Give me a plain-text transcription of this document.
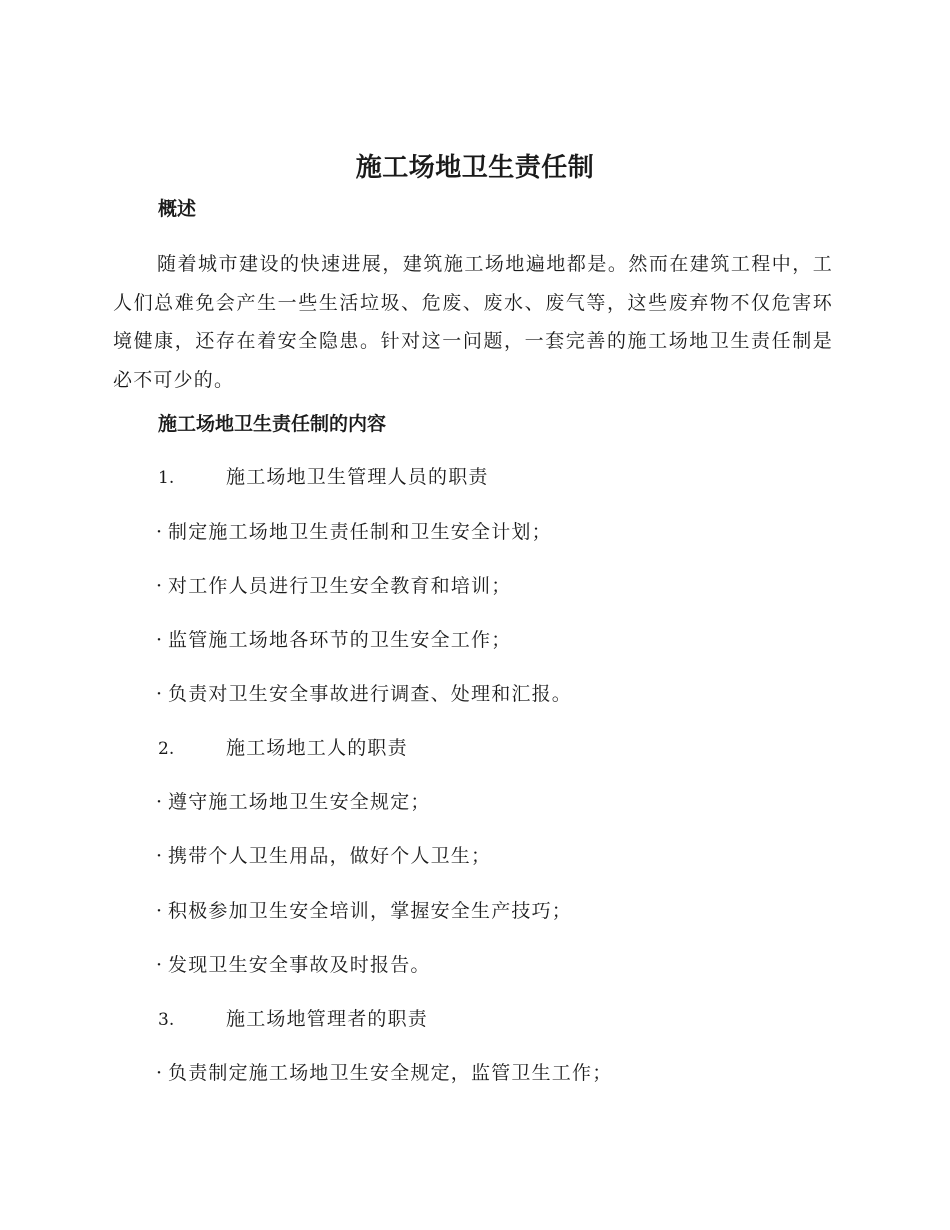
施工场地卫生责任制
概述

随着城市建设的快速进展，建筑施工场地遍地都是。然而在建筑工程中，工人们总难免会产生一些生活垃圾、危废、废水、废气等，这些废弃物不仅危害环境健康，还存在着安全隐患。针对这一问题，一套完善的施工场地卫生责任制是必不可少的。

施工场地卫生责任制的内容
1.	施工场地卫生管理人员的职责
· 制定施工场地卫生责任制和卫生安全计划；
· 对工作人员进行卫生安全教育和培训；
· 监管施工场地各环节的卫生安全工作；
· 负责对卫生安全事故进行调查、处理和汇报。
2.	施工场地工人的职责
· 遵守施工场地卫生安全规定；
· 携带个人卫生用品，做好个人卫生；
· 积极参加卫生安全培训，掌握安全生产技巧；
· 发现卫生安全事故及时报告。
3.	施工场地管理者的职责
· 负责制定施工场地卫生安全规定，监管卫生工作；
